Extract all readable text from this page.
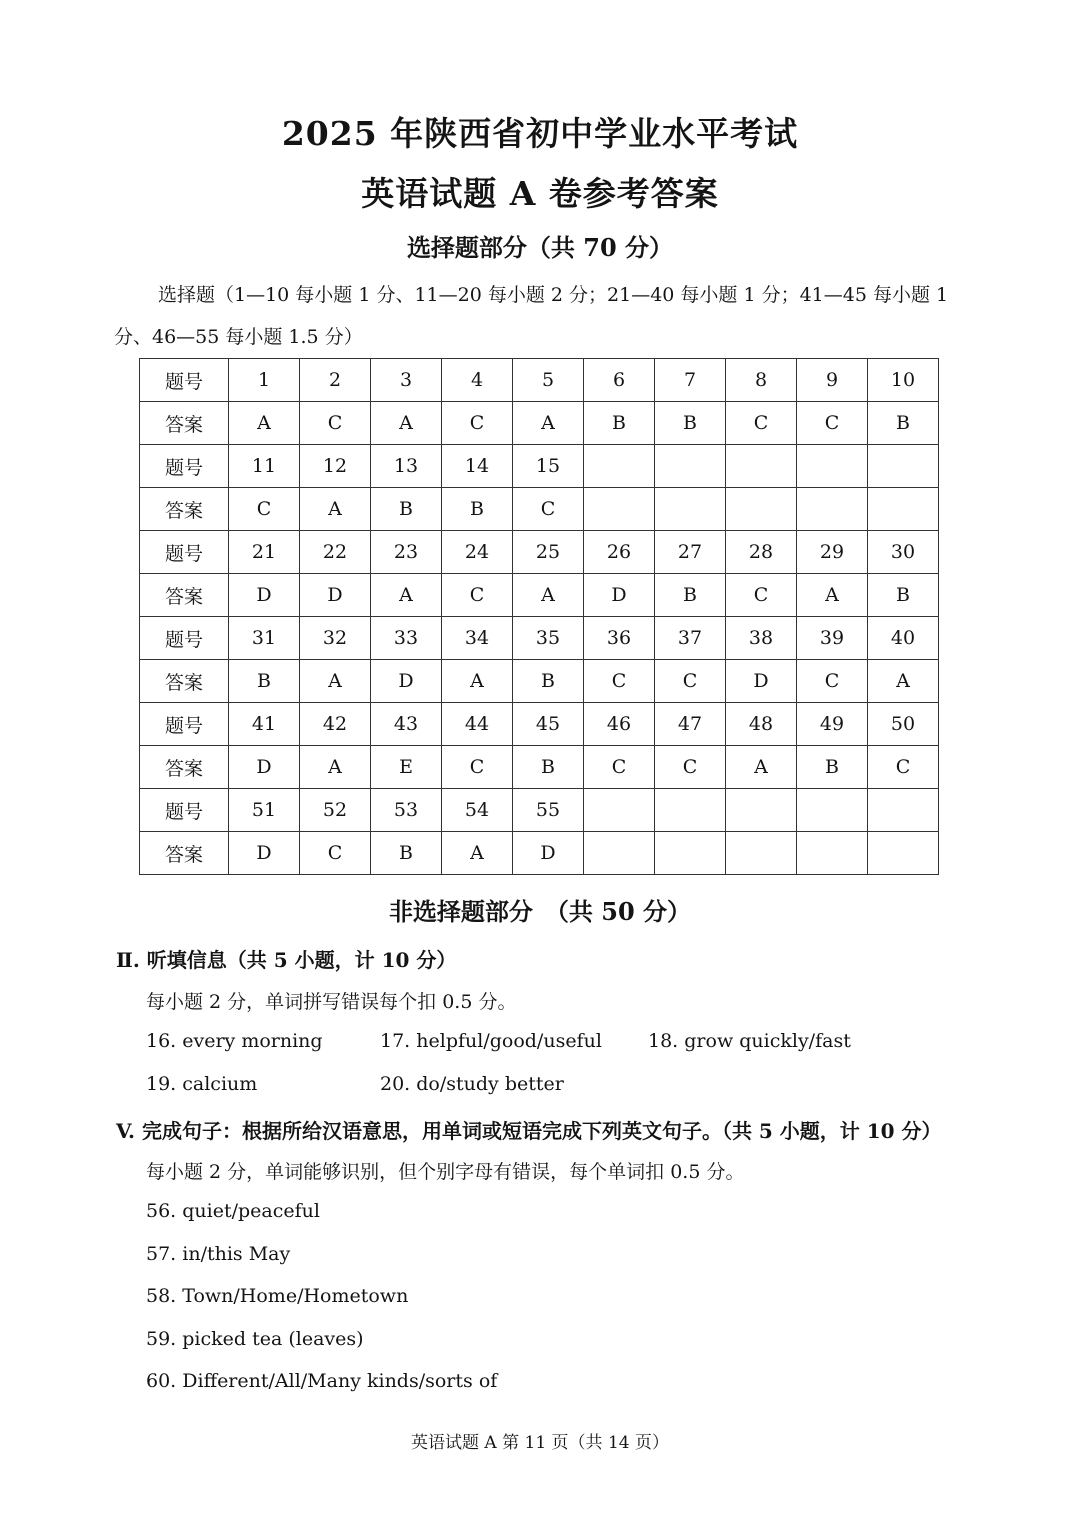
2025 年陕西省初中学业水平考试
英语试题 A 卷参考答案
选择题部分（共 70 分）
选择题（1—10 每小题 1 分、11—20 每小题 2 分；21—40 每小题 1 分；41—45 每小题 1 分、46—55 每小题 1.5 分）
题号	1	2	3	4	5	6	7	8	9	10
答案	A	C	A	C	A	B	B	C	C	B
题号	11	12	13	14	15					
答案	C	A	B	B	C					
题号	21	22	23	24	25	26	27	28	29	30
答案	D	D	A	C	A	D	B	C	A	B
题号	31	32	33	34	35	36	37	38	39	40
答案	B	A	D	A	B	C	C	D	C	A
题号	41	42	43	44	45	46	47	48	49	50
答案	D	A	E	C	B	C	C	A	B	C
题号	51	52	53	54	55					
答案	D	C	B	A	D					
非选择题部分　（共 50 分）
Ⅱ. 听填信息（共 5 小题，计 10 分）
每小题 2 分，单词拼写错误每个扣 0.5 分。
16. every morning	17. helpful/good/useful 18. grow quickly/fast
19. calcium	20. do/study better
V. 完成句子：根据所给汉语意思，用单词或短语完成下列英文句子。（共 5 小题，计 10 分）
每小题 2 分，单词能够识别，但个别字母有错误，每个单词扣 0.5 分。
56. quiet/peaceful
57. in/this May
58. Town/Home/Hometown
59. picked tea (leaves)
60. Different/All/Many kinds/sorts of
英语试题 A 第 11 页（共 14 页）
